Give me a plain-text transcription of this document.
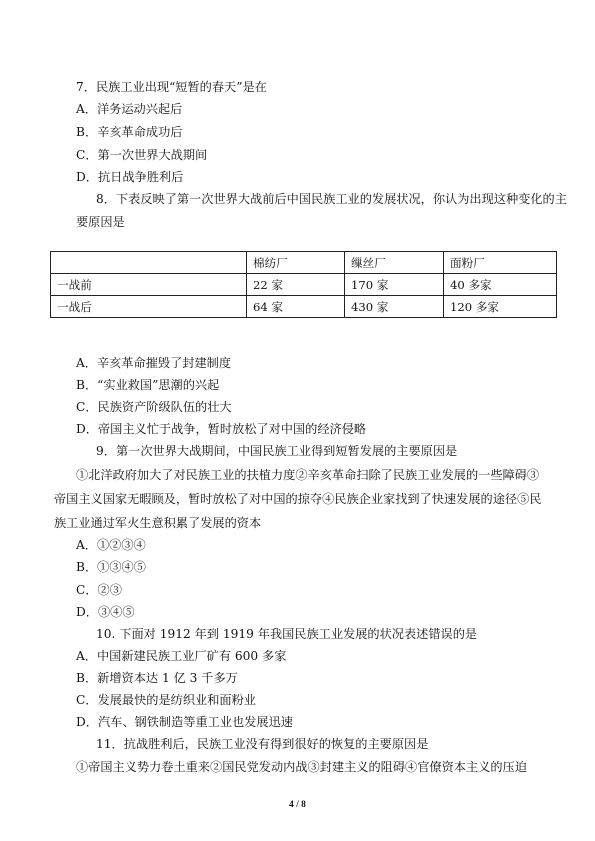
7．民族工业出现“短暂的春天”是在
A．洋务运动兴起后
B．辛亥革命成功后
C．第一次世界大战期间
D．抗日战争胜利后
8．下表反映了第一次世界大战前后中国民族工业的发展状况，你认为出现这种变化的主
要原因是
	棉纺厂	缫丝厂	面粉厂
一战前	22 家	170 家	40 多家
一战后	64 家	430 家	120 多家
A．辛亥革命摧毁了封建制度
B．“实业救国”思潮的兴起
C．民族资产阶级队伍的壮大
D．帝国主义忙于战争，暂时放松了对中国的经济侵略
9．第一次世界大战期间，中国民族工业得到短暂发展的主要原因是
①北洋政府加大了对民族工业的扶植力度②辛亥革命扫除了民族工业发展的一些障碍③
帝国主义国家无暇顾及，暂时放松了对中国的掠夺④民族企业家找到了快速发展的途径⑤民
族工业通过军火生意积累了发展的资本
A．①②③④
B．①③④⑤
C．②③
D．③④⑤
10. 下面对 1912 年到 1919 年我国民族工业发展的状况表述错误的是
A．中国新建民族工业厂矿有 600 多家
B．新增资本达 1 亿 3 千多万
C．发展最快的是纺织业和面粉业
D．汽车、钢铁制造等重工业也发展迅速
11．抗战胜利后，民族工业没有得到很好的恢复的主要原因是
①帝国主义势力卷土重来②国民党发动内战③封建主义的阻碍④官僚资本主义的压迫
4 / 8
